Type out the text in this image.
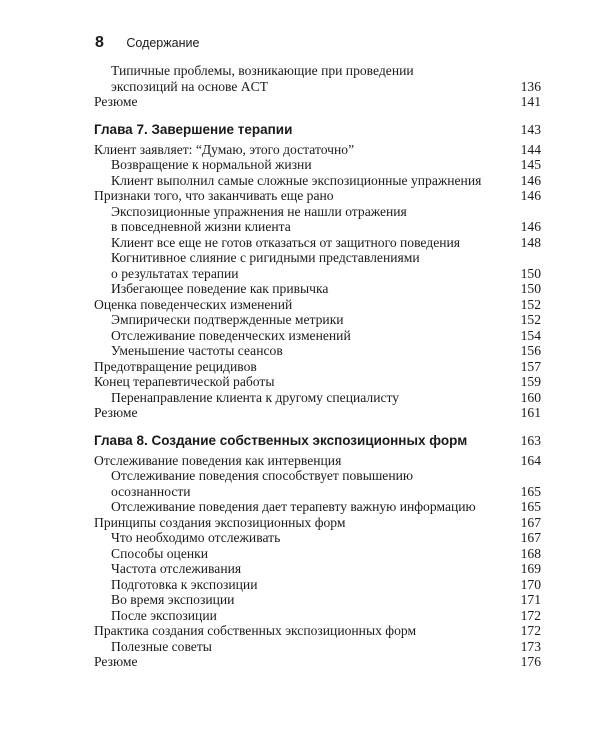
8 Содержание
Типичные проблемы, возникающие при проведении
экспозиций на основе ACT	136
Резюме	141
Глава 7. Завершение терапии	143
Клиент заявляет: “Думаю, этого достаточно”	144
Возвращение к нормальной жизни	145
Клиент выполнил самые сложные экспозиционные упражнения	146
Признаки того, что заканчивать еще рано	146
Экспозиционные упражнения не нашли отражения
в повседневной жизни клиента	146
Клиент все еще не готов отказаться от защитного поведения	148
Когнитивное слияние с ригидными представлениями
о результатах терапии	150
Избегающее поведение как привычка	150
Оценка поведенческих изменений	152
Эмпирически подтвержденные метрики	152
Отслеживание поведенческих изменений	154
Уменьшение частоты сеансов	156
Предотвращение рецидивов	157
Конец терапевтической работы	159
Перенаправление клиента к другому специалисту	160
Резюме	161
Глава 8. Создание собственных экспозиционных форм	163
Отслеживание поведения как интервенция	164
Отслеживание поведения способствует повышению
осознанности	165
Отслеживание поведения дает терапевту важную информацию	165
Принципы создания экспозиционных форм	167
Что необходимо отслеживать	167
Способы оценки	168
Частота отслеживания	169
Подготовка к экспозиции	170
Во время экспозиции	171
После экспозиции	172
Практика создания собственных экспозиционных форм	172
Полезные советы	173
Резюме	176
